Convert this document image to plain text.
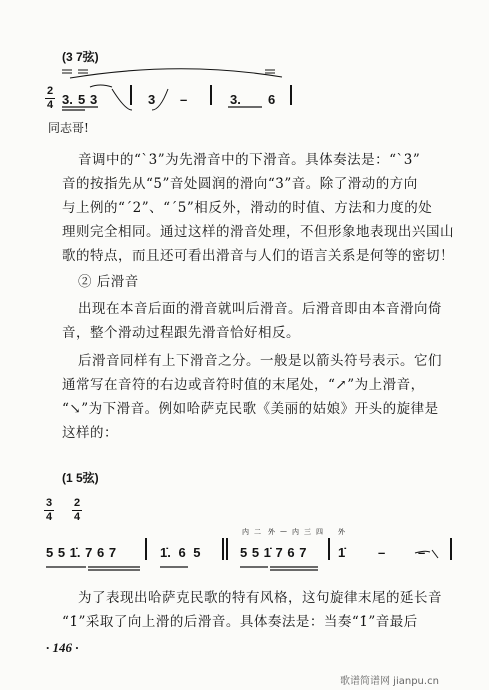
(3 7弦)
2
4 3. 5 3	3 –	3. 6
同志哥!
音调中的“ˋ3̇”为先滑音中的下滑音。具体奏法是：“ˋ3̇”
音的按指先从“5̇”音处圆润的滑向“3̇”音。除了滑动的方向
与上例的“ˊ2”、“ˊ5”相反外，滑动的时值、方法和力度的处
理则完全相同。通过这样的滑音处理，不但形象地表现出兴国山
歌的特点，而且还可看出滑音与人们的语言关系是何等的密切！
② 后滑音
出现在本音后面的滑音就叫后滑音。后滑音即由本音滑向倚
音，整个滑动过程跟先滑音恰好相反。
后滑音同样有上下滑音之分。一般是以箭头符号表示。它们
通常写在音符的右边或音符时值的末尾处，“↗”为上滑音，
“↘”为下滑音。例如哈萨克民歌《美丽的姑娘》开头的旋律是
这样的：
(1 5弦)
3
4
2
4
5 5 1̇. 7 6 7	1̇. 6 5
内 二 外 — 内 三 四 外
5 5 1̇ 7 6 7 1̇	–	–
为了表现出哈萨克民歌的特有风格，这句旋律末尾的延长音
“1̇”采取了向上滑的后滑音。具体奏法是：当奏“1̇”音最后
· 146 ·
歌谱简谱网 jianpu.cn
